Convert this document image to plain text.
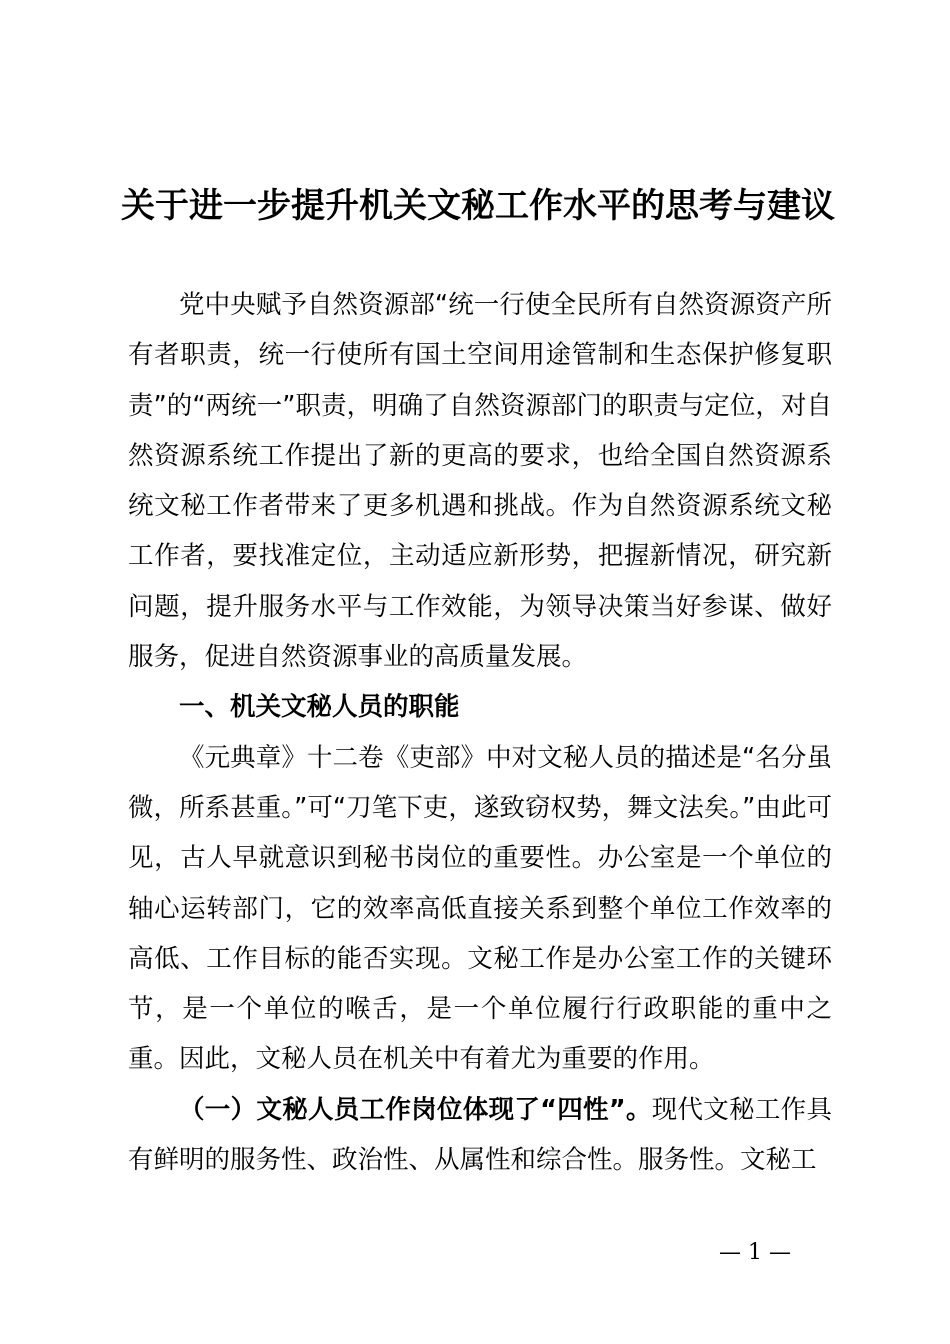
关于进一步提升机关文秘工作水平的思考与建议

党中央赋予自然资源部“统一行使全民所有自然资源资产所有者职责，统一行使所有国土空间用途管制和生态保护修复职责”的“两统一”职责，明确了自然资源部门的职责与定位，对自然资源系统工作提出了新的更高的要求，也给全国自然资源系统文秘工作者带来了更多机遇和挑战。作为自然资源系统文秘工作者，要找准定位，主动适应新形势，把握新情况，研究新问题，提升服务水平与工作效能，为领导决策当好参谋、做好服务，促进自然资源事业的高质量发展。

一、机关文秘人员的职能

《元典章》十二卷《吏部》中对文秘人员的描述是“名分虽微，所系甚重。”可“刀笔下吏，遂致窃权势，舞文法矣。”由此可见，古人早就意识到秘书岗位的重要性。办公室是一个单位的轴心运转部门，它的效率高低直接关系到整个单位工作效率的高低、工作目标的能否实现。文秘工作是办公室工作的关键环节，是一个单位的喉舌，是一个单位履行行政职能的重中之重。因此，文秘人员在机关中有着尤为重要的作用。

（一）文秘人员工作岗位体现了“四性”。现代文秘工作具有鲜明的服务性、政治性、从属性和综合性。服务性。文秘工

— 1 —
